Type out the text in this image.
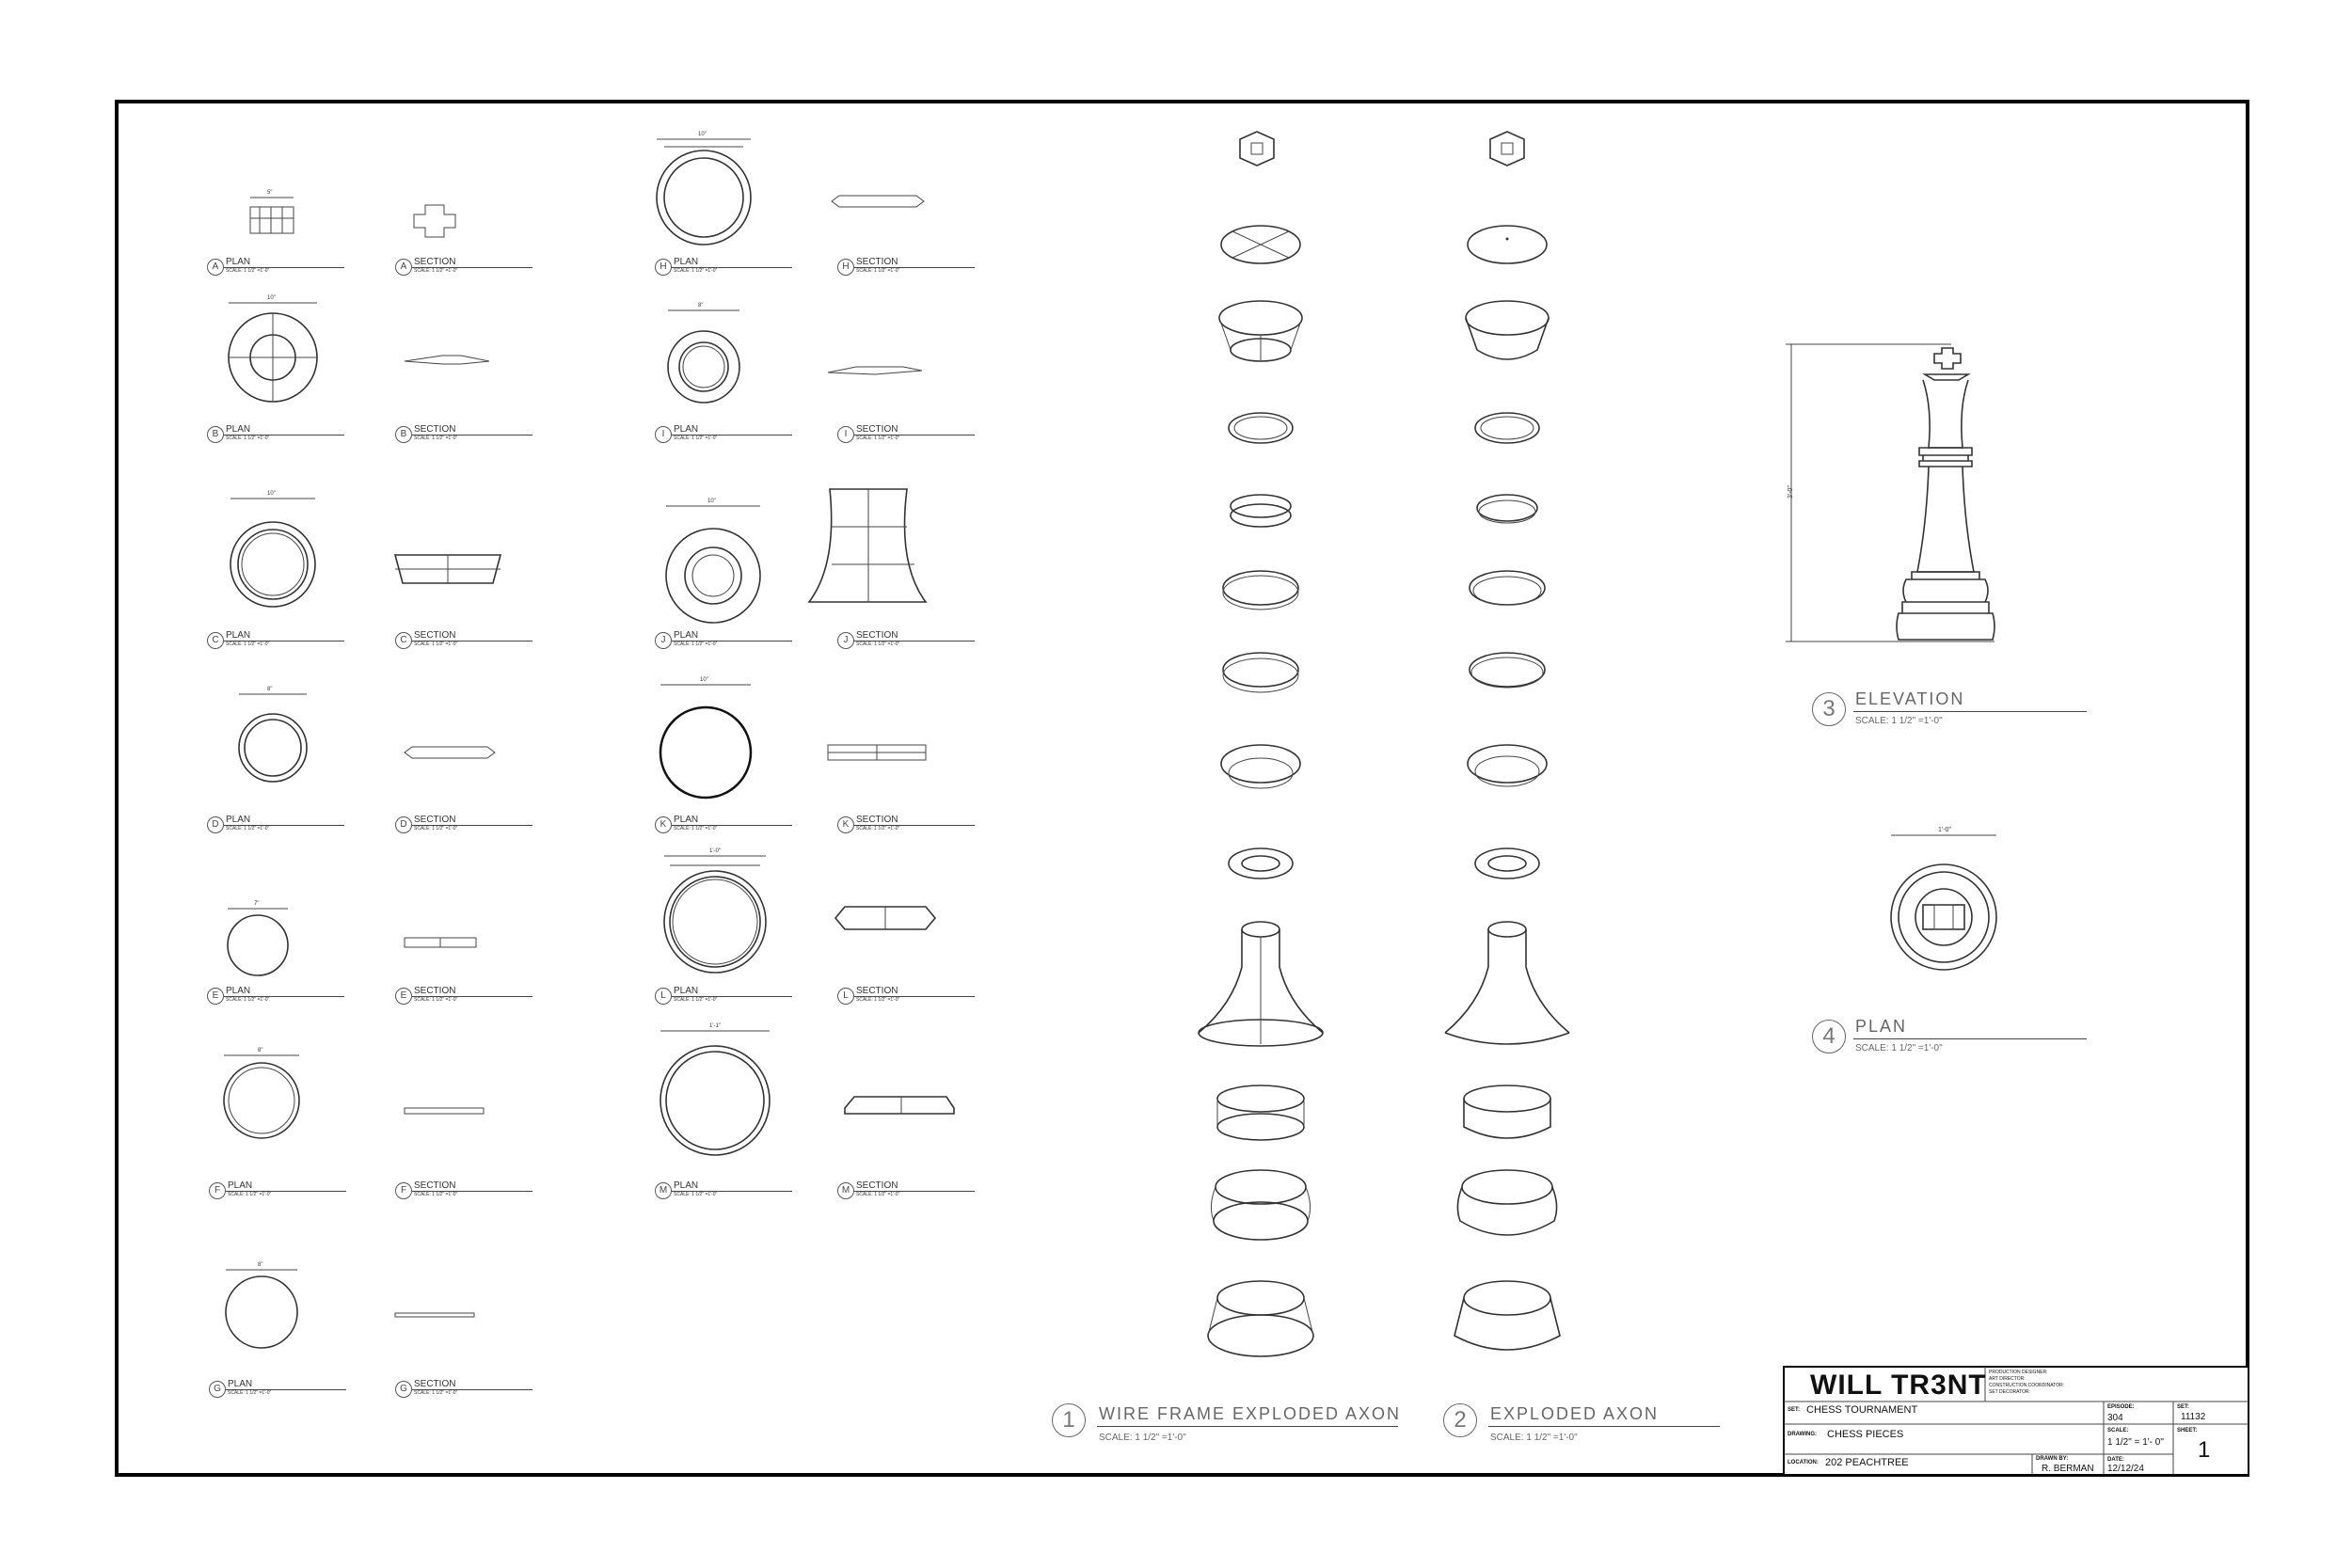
5"
10"
10"
8"
7"
8"
8"
10"
8"
10"
10"
1'-0"
1'-1"
3'-0"
1'-0"
A PLAN
SCALE: 1 1/2" =1'-0"	A SECTION
SCALE: 1 1/2" =1'-0"
B PLAN
SCALE: 1 1/2" =1'-0"	B SECTION
SCALE: 1 1/2" =1'-0"
C PLAN
SCALE: 1 1/2" =1'-0"	C SECTION
SCALE: 1 1/2" =1'-0"
D PLAN
SCALE: 1 1/2" =1'-0"	D SECTION
SCALE: 1 1/2" =1'-0"
E PLAN
SCALE: 1 1/2" =1'-0"	E SECTION
SCALE: 1 1/2" =1'-0"
F PLAN
SCALE: 1 1/2" =1'-0"	F SECTION
SCALE: 1 1/2" =1'-0"
G PLAN
SCALE: 1 1/2" =1'-0"	G SECTION
SCALE: 1 1/2" =1'-0"
H PLAN
SCALE: 1 1/2" =1'-0"	H SECTION
SCALE: 1 1/2" =1'-0"
I PLAN
SCALE: 1 1/2" =1'-0"	I SECTION
SCALE: 1 1/2" =1'-0"
J PLAN
SCALE: 1 1/2" =1'-0"	J SECTION
SCALE: 1 1/2" =1'-0"
K PLAN
SCALE: 1 1/2" =1'-0"	K SECTION
SCALE: 1 1/2" =1'-0"
L PLAN
SCALE: 1 1/2" =1'-0"	L SECTION
SCALE: 1 1/2" =1'-0"
M PLAN
SCALE: 1 1/2" =1'-0"	M SECTION
SCALE: 1 1/2" =1'-0"
1	WIRE FRAME EXPLODED AXON
SCALE: 1 1/2" =1'-0"
2	EXPLODED AXON
SCALE: 1 1/2" =1'-0"
3	ELEVATION
SCALE: 1 1/2" =1'-0"
4	PLAN
SCALE: 1 1/2" =1'-0"
WILL TR3NT PRODUCTION DESIGNER:
ART DIRECTOR:
CONSTRUCTION COORDINATOR:
SET DECORATOR:
SET: CHESS TOURNAMENT
DRAWING: CHESS PIECES
LOCATION: 202 PEACHTREE	DRAWN BY:
R. BERMAN
EPISODE:
304
SCALE:
1 1/2" = 1'- 0"
DATE:
12/12/24
SET:
11132
SHEET:
1
